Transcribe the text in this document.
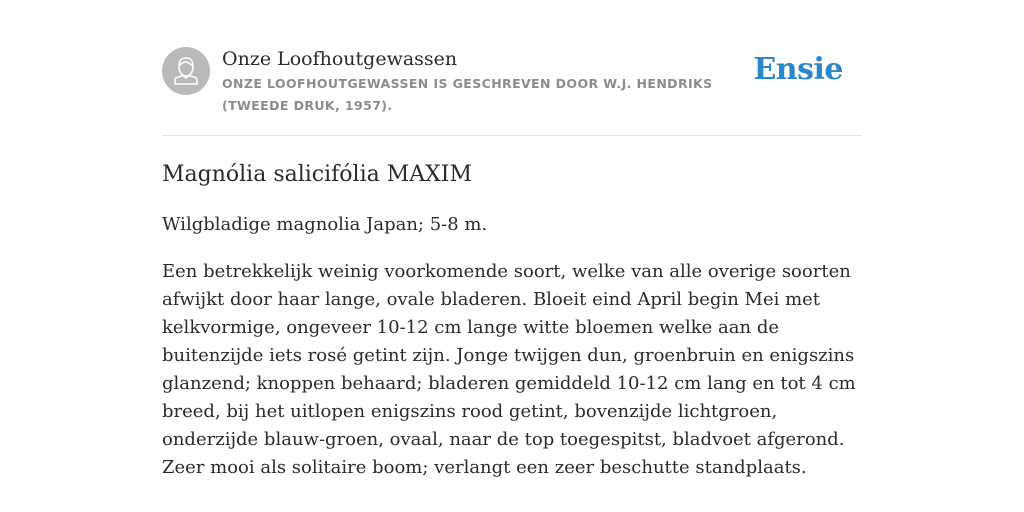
Onze Loofhoutgewassen

ONZE LOOFHOUTGEWASSEN IS GESCHREVEN DOOR W.J. HENDRIKS (TWEEDE DRUK, 1957).

Ensie
Magnólia salicifólia MAXIM

Wilgbladige magnolia Japan; 5-8 m.

Een betrekkelijk weinig voorkomende soort, welke van alle overige soorten afwijkt door haar lange, ovale bladeren. Bloeit eind April begin Mei met kelkvormige, ongeveer 10-12 cm lange witte bloemen welke aan de buitenzijde iets rosé getint zijn. Jonge twijgen dun, groenbruin en enigszins glanzend; knoppen behaard; bladeren gemiddeld 10-12 cm lang en tot 4 cm breed, bij het uitlopen enigszins rood getint, bovenzijde lichtgroen, onderzijde blauw-groen, ovaal, naar de top toegespitst, bladvoet afgerond. Zeer mooi als solitaire boom; verlangt een zeer beschutte standplaats.
